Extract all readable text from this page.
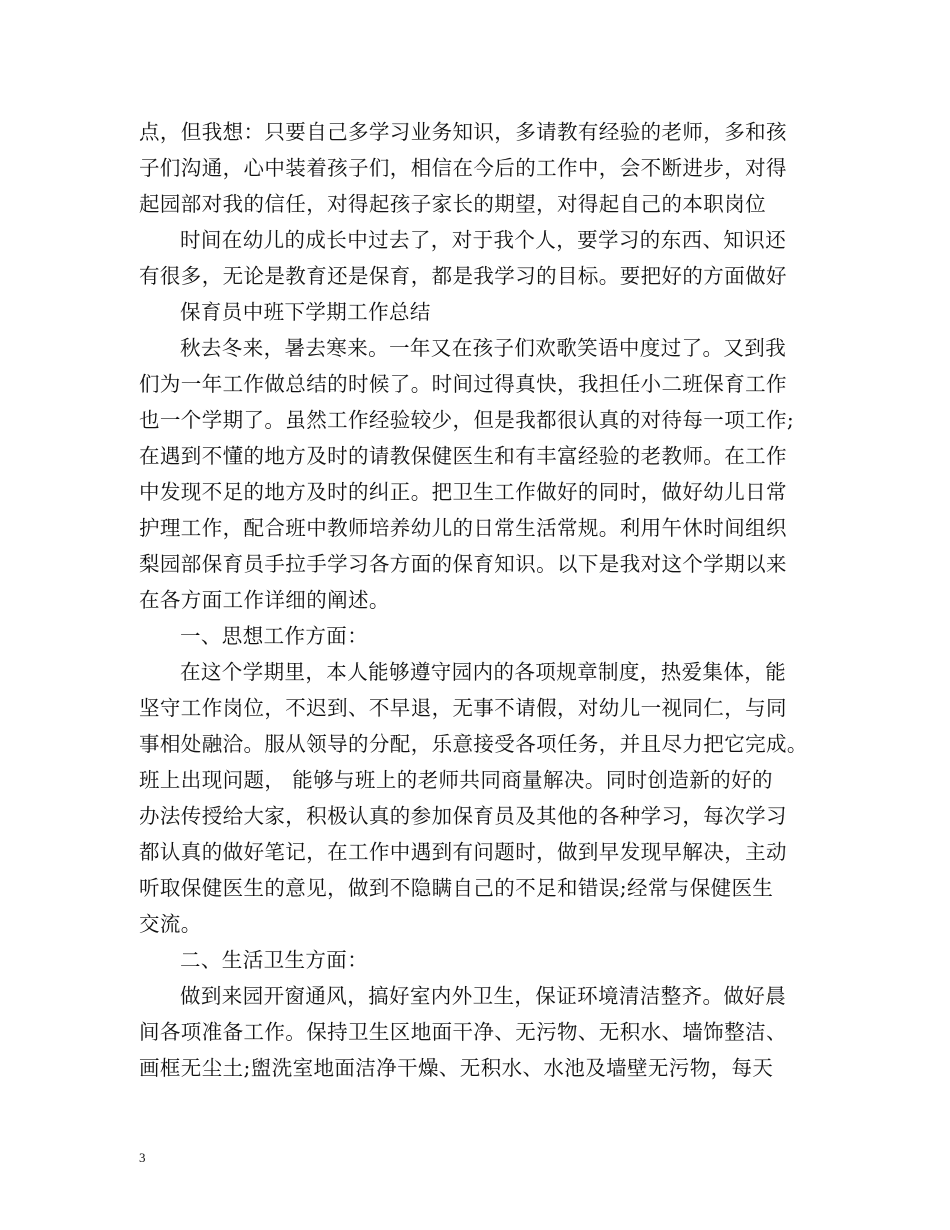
点，但我想：只要自己多学习业务知识，多请教有经验的老师，多和孩
子们沟通，心中装着孩子们，相信在今后的工作中，会不断进步，对得
起园部对我的信任，对得起孩子家长的期望，对得起自己的本职岗位
时间在幼儿的成长中过去了，对于我个人，要学习的东西、知识还
有很多，无论是教育还是保育，都是我学习的目标。要把好的方面做好
保育员中班下学期工作总结
秋去冬来，暑去寒来。一年又在孩子们欢歌笑语中度过了。又到我
们为一年工作做总结的时候了。时间过得真快，我担任小二班保育工作
也一个学期了。虽然工作经验较少，但是我都很认真的对待每一项工作;
在遇到不懂的地方及时的请教保健医生和有丰富经验的老教师。在工作
中发现不足的地方及时的纠正。把卫生工作做好的同时，做好幼儿日常
护理工作，配合班中教师培养幼儿的日常生活常规。利用午休时间组织
梨园部保育员手拉手学习各方面的保育知识。以下是我对这个学期以来
在各方面工作详细的阐述。
一、思想工作方面：
在这个学期里，本人能够遵守园内的各项规章制度，热爱集体，能
坚守工作岗位，不迟到、不早退，无事不请假，对幼儿一视同仁，与同
事相处融洽。服从领导的分配，乐意接受各项任务，并且尽力把它完成。
班上出现问题， 能够与班上的老师共同商量解决。同时创造新的好的
办法传授给大家，积极认真的参加保育员及其他的各种学习，每次学习
都认真的做好笔记，在工作中遇到有问题时，做到早发现早解决，主动
听取保健医生的意见，做到不隐瞒自己的不足和错误;经常与保健医生
交流。
二、生活卫生方面：
做到来园开窗通风，搞好室内外卫生，保证环境清洁整齐。做好晨
间各项准备工作。保持卫生区地面干净、无污物、无积水、墙饰整洁、
画框无尘土;盥洗室地面洁净干燥、无积水、水池及墙壁无污物，每天
3
